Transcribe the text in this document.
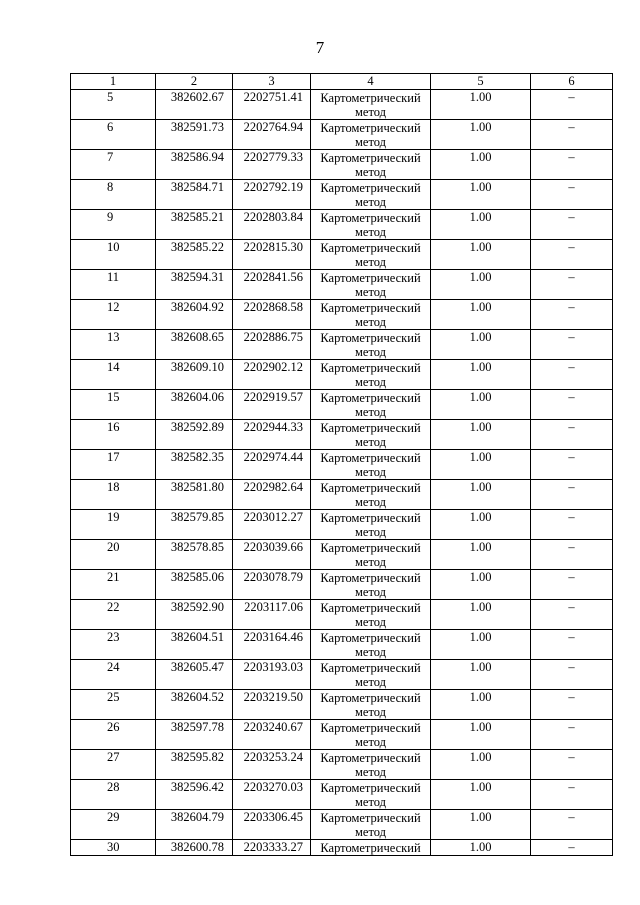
7
1	2	3	4	5	6
5	382602.67	2202751.41	Картометрический метод	1.00	–
6	382591.73	2202764.94	Картометрический метод	1.00	–
7	382586.94	2202779.33	Картометрический метод	1.00	–
8	382584.71	2202792.19	Картометрический метод	1.00	–
9	382585.21	2202803.84	Картометрический метод	1.00	–
10	382585.22	2202815.30	Картометрический метод	1.00	–
11	382594.31	2202841.56	Картометрический метод	1.00	–
12	382604.92	2202868.58	Картометрический метод	1.00	–
13	382608.65	2202886.75	Картометрический метод	1.00	–
14	382609.10	2202902.12	Картометрический метод	1.00	–
15	382604.06	2202919.57	Картометрический метод	1.00	–
16	382592.89	2202944.33	Картометрический метод	1.00	–
17	382582.35	2202974.44	Картометрический метод	1.00	–
18	382581.80	2202982.64	Картометрический метод	1.00	–
19	382579.85	2203012.27	Картометрический метод	1.00	–
20	382578.85	2203039.66	Картометрический метод	1.00	–
21	382585.06	2203078.79	Картометрический метод	1.00	–
22	382592.90	2203117.06	Картометрический метод	1.00	–
23	382604.51	2203164.46	Картометрический метод	1.00	–
24	382605.47	2203193.03	Картометрический метод	1.00	–
25	382604.52	2203219.50	Картометрический метод	1.00	–
26	382597.78	2203240.67	Картометрический метод	1.00	–
27	382595.82	2203253.24	Картометрический метод	1.00	–
28	382596.42	2203270.03	Картометрический метод	1.00	–
29	382604.79	2203306.45	Картометрический метод	1.00	–
30	382600.78	2203333.27	Картометрический	1.00	–
